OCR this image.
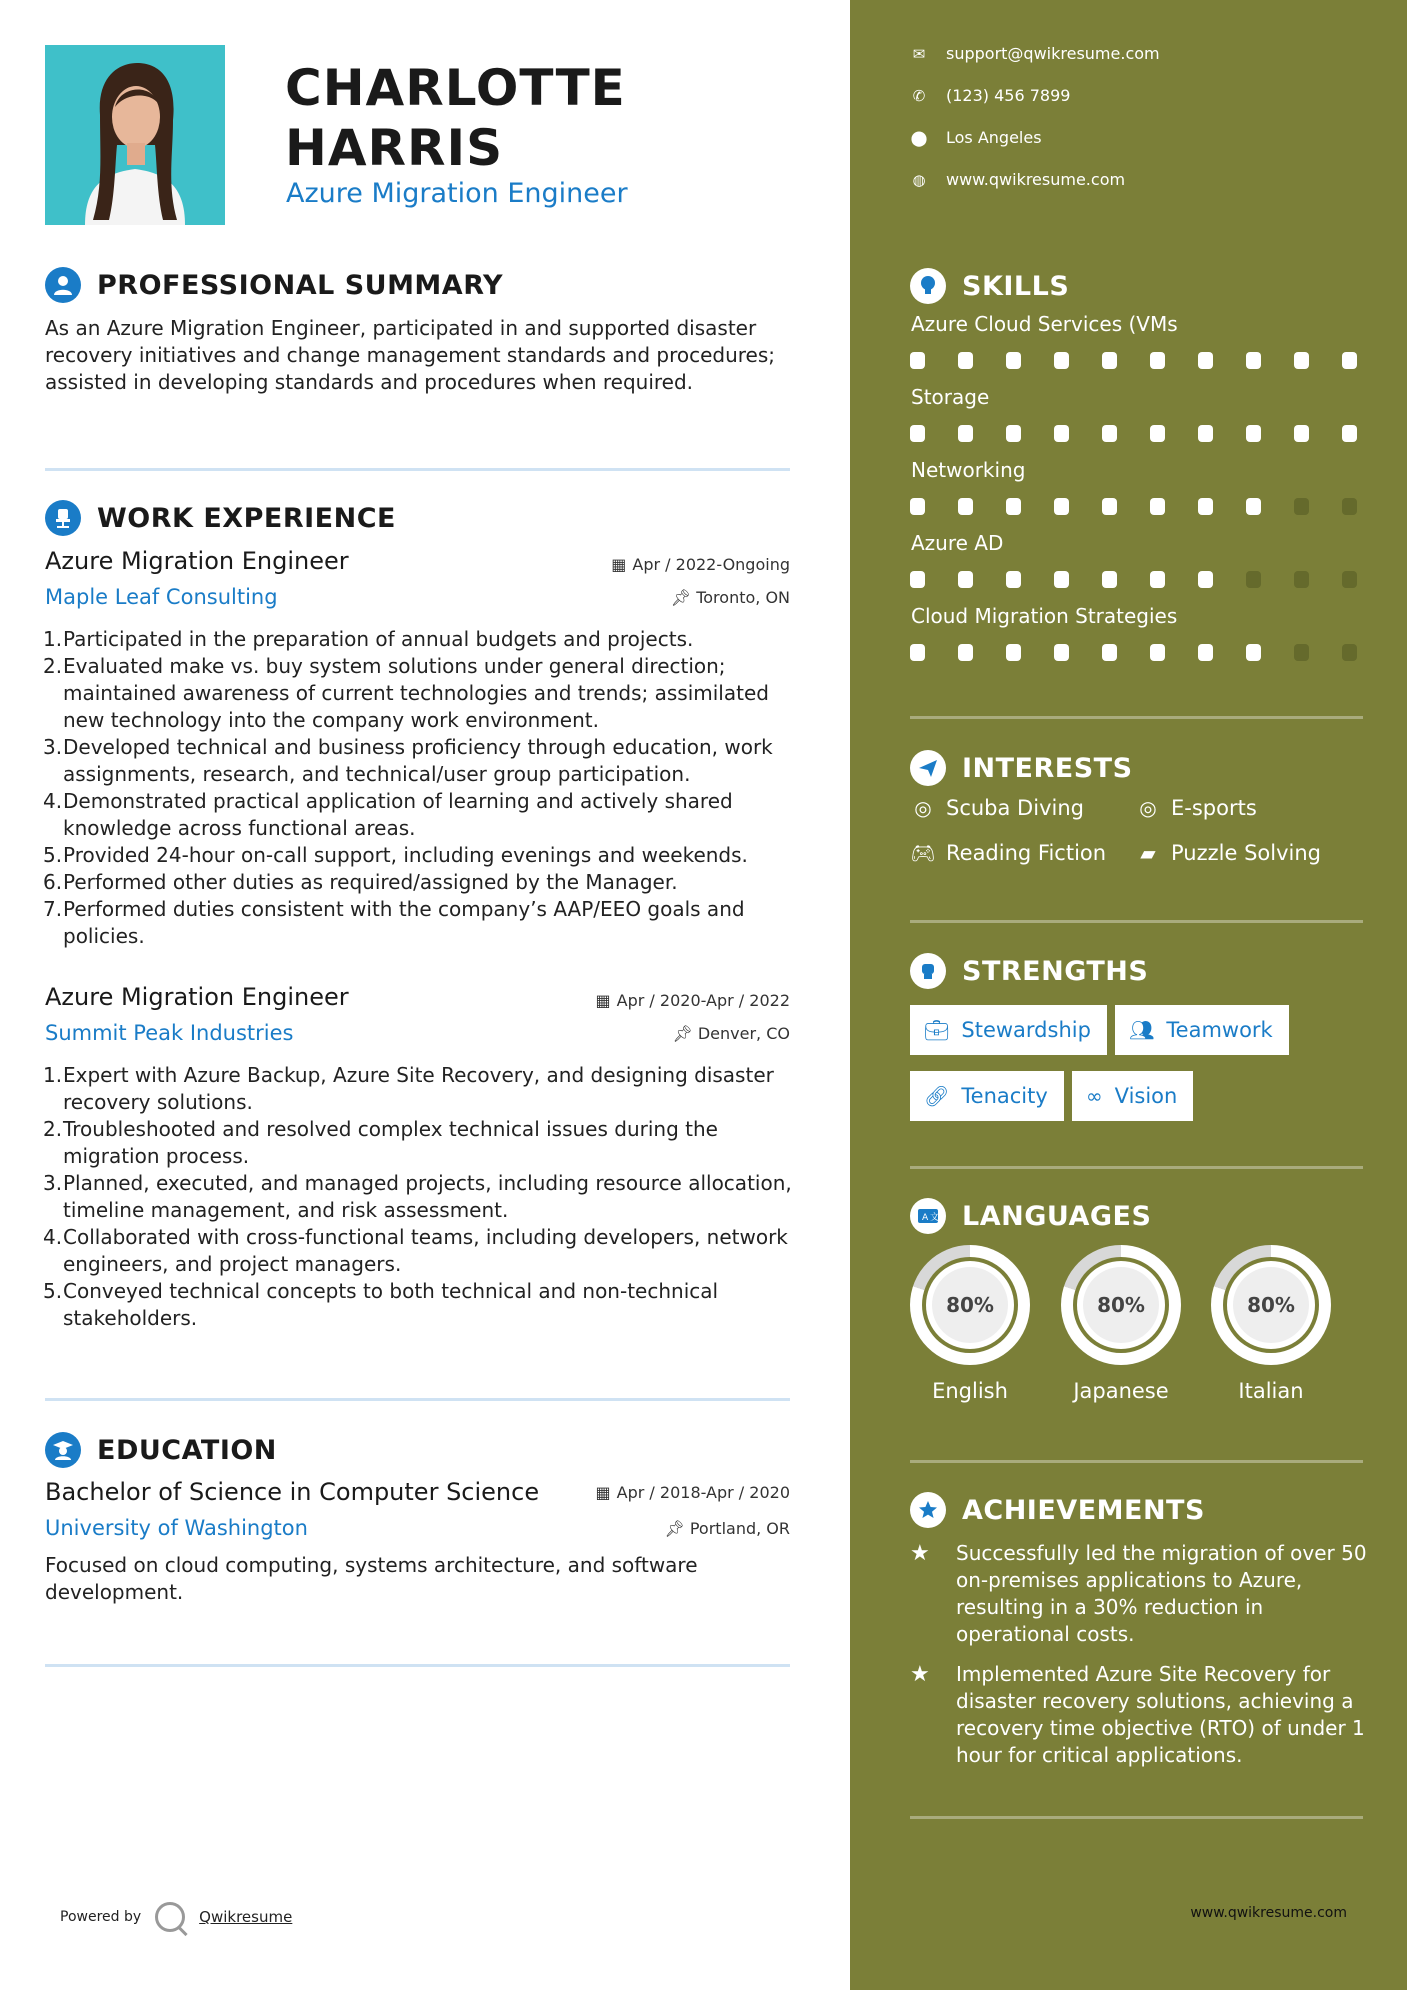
CHARLOTTE
HARRIS
Azure Migration Engineer
PROFESSIONAL SUMMARY
As an Azure Migration Engineer, participated in and supported disaster recovery initiatives and change management standards and procedures; assisted in developing standards and procedures when required.
WORK EXPERIENCE
Azure Migration Engineer	▦ Apr / 2022-Ongoing
Maple Leaf Consulting	📌︎ Toronto, ON
1. Participated in the preparation of annual budgets and projects.
2. Evaluated make vs. buy system solutions under general direction; maintained awareness of current technologies and trends; assimilated new technology into the company work environment.
3. Developed technical and business proficiency through education, work assignments, research, and technical/user group participation.
4. Demonstrated practical application of learning and actively shared knowledge across functional areas.
5. Provided 24-hour on-call support, including evenings and weekends.
6. Performed other duties as required/assigned by the Manager.
7. Performed duties consistent with the company’s AAP/EEO goals and policies.
Azure Migration Engineer	▦ Apr / 2020-Apr / 2022
Summit Peak Industries	📌︎ Denver, CO
1. Expert with Azure Backup, Azure Site Recovery, and designing disaster recovery solutions.
2. Troubleshooted and resolved complex technical issues during the migration process.
3. Planned, executed, and managed projects, including resource allocation, timeline management, and risk assessment.
4. Collaborated with cross-functional teams, including developers, network engineers, and project managers.
5. Conveyed technical concepts to both technical and non-technical stakeholders.
EDUCATION
Bachelor of Science in Computer Science	▦ Apr / 2018-Apr / 2020
University of Washington	📌︎ Portland, OR
Focused on cloud computing, systems architecture, and software development.
Powered by	Qwikresume
✉ support@qwikresume.com
✆ (123) 456 7899
⬤ Los Angeles
◍ www.qwikresume.com
SKILLS
Azure Cloud Services (VMs
Storage
Networking
Azure AD
Cloud Migration Strategies
INTERESTS
◎ Scuba Diving	◎ E-sports
🎮︎ Reading Fiction ▰ Puzzle Solving
STRENGTHS
💼︎ Stewardship 👥︎ Teamwork
🔗︎ Tenacity ∞ Vision
A 文 LANGUAGES
80%
English
80%
Japanese
80%
Italian
ACHIEVEMENTS
★	Successfully led the migration of over 50 on-premises applications to Azure, resulting in a 30% reduction in operational costs.
★	Implemented Azure Site Recovery for disaster recovery solutions, achieving a recovery time objective (RTO) of under 1 hour for critical applications.
www.qwikresume.com
